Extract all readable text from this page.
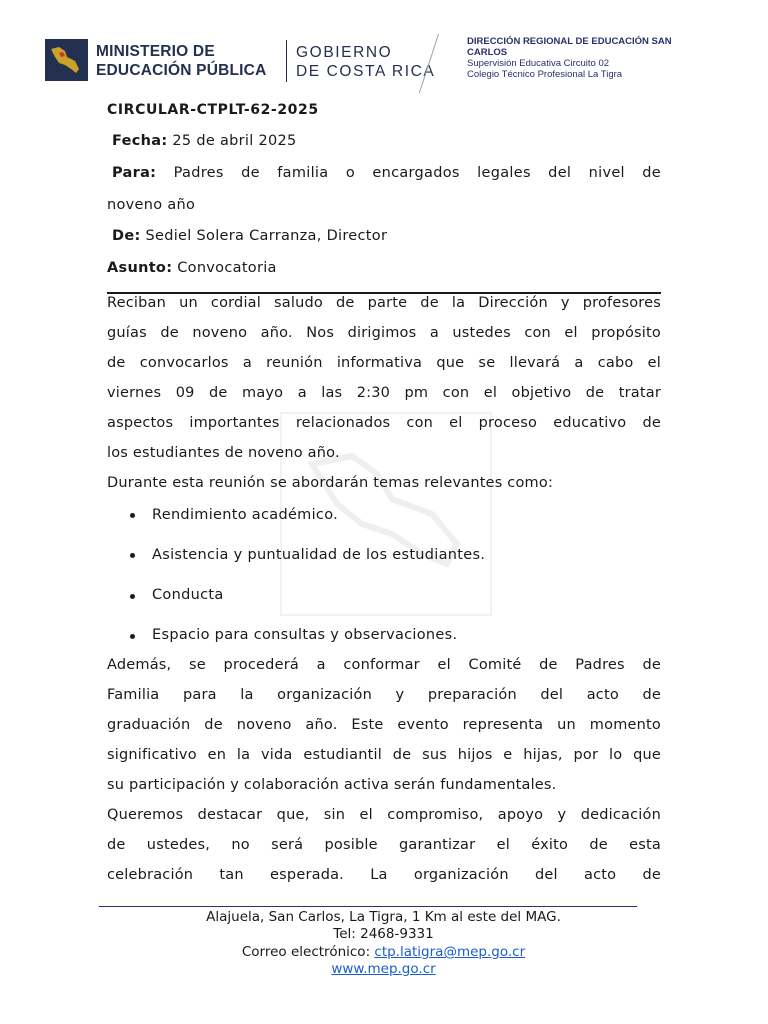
MINISTERIO DE
EDUCACIÓN PÚBLICA
GOBIERNO
DE COSTA RICA
DIRECCIÓN REGIONAL DE EDUCACIÓN SAN CARLOS
Supervisión Educativa Circuito 02
Colegio Técnico Profesional La Tigra
CIRCULAR-CTPLT-62-2025
Fecha: 25 de abril 2025
Para: Padres de familia o encargados legales del nivel de
noveno año
De: Sediel Solera Carranza, Director
Asunto: Convocatoria
Reciban un cordial saludo de parte de la Dirección y profesores
guías de noveno año. Nos dirigimos a ustedes con el propósito
de convocarlos a reunión informativa que se llevará a cabo el
viernes 09 de mayo a las 2:30 pm con el objetivo de tratar
aspectos importantes relacionados con el proceso educativo de
los estudiantes de noveno año.
Durante esta reunión se abordarán temas relevantes como:
Rendimiento académico.
Asistencia y puntualidad de los estudiantes.
Conducta
Espacio para consultas y observaciones.
Además, se procederá a conformar el Comité de Padres de
Familia para la organización y preparación del acto de
graduación de noveno año. Este evento representa un momento
significativo en la vida estudiantil de sus hijos e hijas, por lo que
su participación y colaboración activa serán fundamentales.
Queremos destacar que, sin el compromiso, apoyo y dedicación
de ustedes, no será posible garantizar el éxito de esta
celebración tan esperada. La organización del acto de
Alajuela, San Carlos, La Tigra, 1 Km al este del MAG.
Tel: 2468-9331
Correo electrónico: ctp.latigra@mep.go.cr
www.mep.go.cr
